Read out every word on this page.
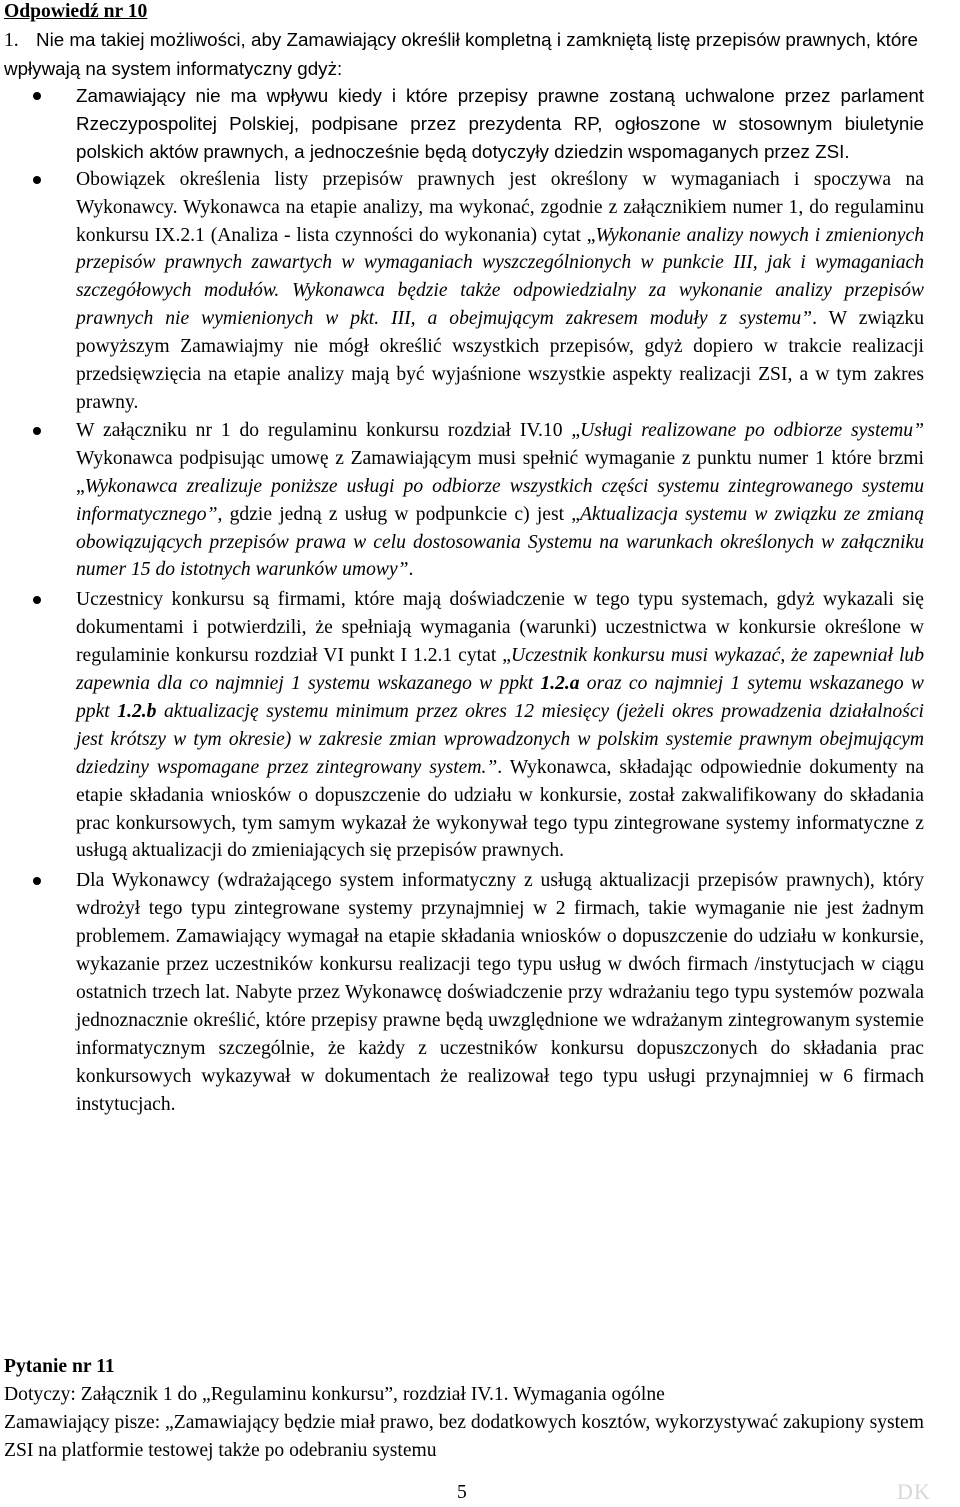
Odpowiedź nr 10
1. Nie ma takiej możliwości, aby Zamawiający określił kompletną i zamkniętą listę przepisów prawnych, które wpływają na system informatyczny gdyż:
Zamawiający nie ma wpływu kiedy i które przepisy prawne zostaną uchwalone przez parlament Rzeczypospolitej Polskiej, podpisane przez prezydenta RP, ogłoszone w stosownym biuletynie polskich aktów prawnych, a jednocześnie będą dotyczyły dziedzin wspomaganych przez ZSI.
Obowiązek określenia listy przepisów prawnych jest określony w wymaganiach i spoczywa na Wykonawcy. Wykonawca na etapie analizy, ma wykonać, zgodnie z załącznikiem numer 1, do regulaminu konkursu IX.2.1 (Analiza - lista czynności do wykonania) cytat „Wykonanie analizy nowych i zmienionych przepisów prawnych zawartych w wymaganiach wyszczególnionych w punkcie III, jak i wymaganiach szczegółowych modułów. Wykonawca będzie także odpowiedzialny za wykonanie analizy przepisów prawnych nie wymienionych w pkt. III, a obejmującym zakresem moduły z systemu”. W związku powyższym Zamawiajmy nie mógł określić wszystkich przepisów, gdyż dopiero w trakcie realizacji przedsięwzięcia na etapie analizy mają być wyjaśnione wszystkie aspekty realizacji ZSI, a w tym zakres prawny.
W załączniku nr 1 do regulaminu konkursu rozdział IV.10 „Usługi realizowane po odbiorze systemu” Wykonawca podpisując umowę z Zamawiającym musi spełnić wymaganie z punktu numer 1 które brzmi „Wykonawca zrealizuje poniższe usługi po odbiorze wszystkich części systemu zintegrowanego systemu informatycznego”, gdzie jedną z usług w podpunkcie c) jest „Aktualizacja systemu w związku ze zmianą obowiązujących przepisów prawa w celu dostosowania Systemu na warunkach określonych w załączniku numer 15 do istotnych warunków umowy”.
Uczestnicy konkursu są firmami, które mają doświadczenie w tego typu systemach, gdyż wykazali się dokumentami i potwierdzili, że spełniają wymagania (warunki) uczestnictwa w konkursie określone w regulaminie konkursu rozdział VI punkt I 1.2.1 cytat „Uczestnik konkursu musi wykazać, że zapewniał lub zapewnia dla co najmniej 1 systemu wskazanego w ppkt 1.2.a oraz co najmniej 1 sytemu wskazanego w ppkt 1.2.b aktualizację systemu minimum przez okres 12 miesięcy (jeżeli okres prowadzenia działalności jest krótszy w tym okresie) w zakresie zmian wprowadzonych w polskim systemie prawnym obejmującym dziedziny wspomagane przez zintegrowany system.”. Wykonawca, składając odpowiednie dokumenty na etapie składania wniosków o dopuszczenie do udziału w konkursie, został zakwalifikowany do składania prac konkursowych, tym samym wykazał że wykonywał tego typu zintegrowane systemy informatyczne z usługą aktualizacji do zmieniających się przepisów prawnych.
Dla Wykonawcy (wdrażającego system informatyczny z usługą aktualizacji przepisów prawnych), który wdrożył tego typu zintegrowane systemy przynajmniej w 2 firmach, takie wymaganie nie jest żadnym problemem. Zamawiający wymagał na etapie składania wniosków o dopuszczenie do udziału w konkursie, wykazanie przez uczestników konkursu realizacji tego typu usług w dwóch firmach /instytucjach w ciągu ostatnich trzech lat. Nabyte przez Wykonawcę doświadczenie przy wdrażaniu tego typu systemów pozwala jednoznacznie określić, które przepisy prawne będą uwzględnione we wdrażanym zintegrowanym systemie informatycznym szczególnie, że każdy z uczestników konkursu dopuszczonych do składania prac konkursowych wykazywał w dokumentach że realizował tego typu usługi przynajmniej w 6 firmach instytucjach.
Pytanie nr 11
Dotyczy: Załącznik 1 do „Regulaminu konkursu”, rozdział IV.1. Wymagania ogólne
Zamawiający pisze: „Zamawiający będzie miał prawo, bez dodatkowych kosztów, wykorzystywać zakupiony system ZSI na platformie testowej także po odebraniu systemu
5	DK
